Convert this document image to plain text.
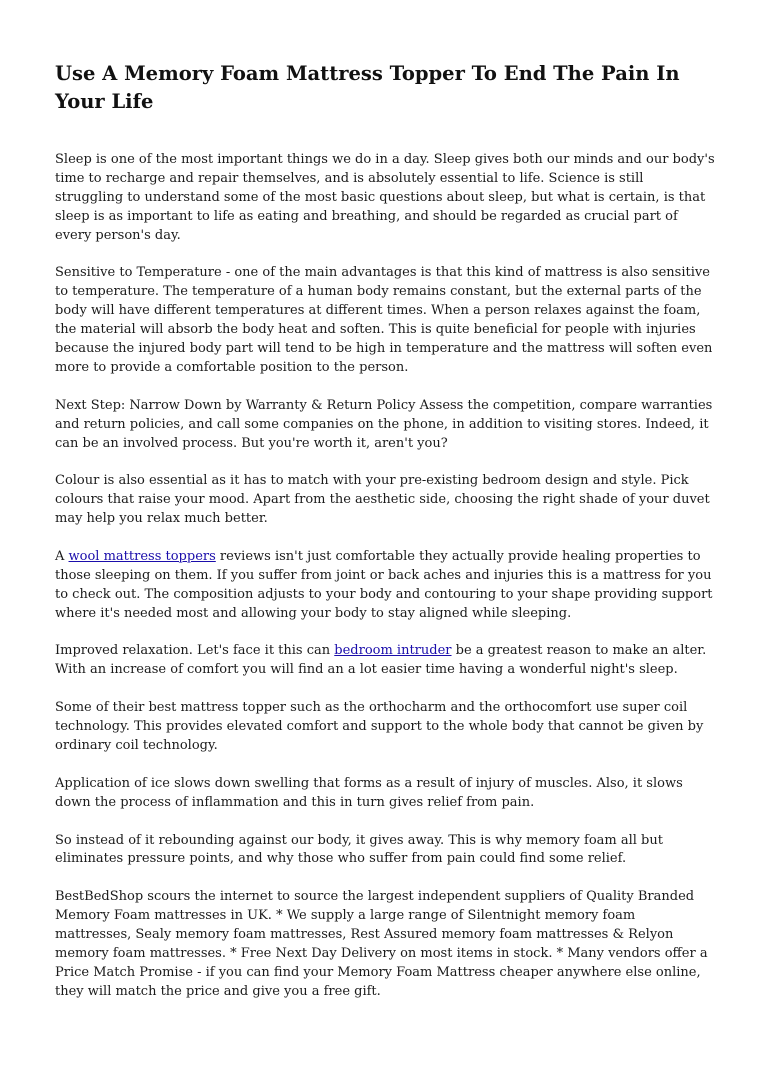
Use A Memory Foam Mattress Topper To End The Pain In Your Life

Sleep is one of the most important things we do in a day. Sleep gives both our minds and our body's time to recharge and repair themselves, and is absolutely essential to life. Science is still struggling to understand some of the most basic questions about sleep, but what is certain, is that sleep is as important to life as eating and breathing, and should be regarded as crucial part of every person's day.

Sensitive to Temperature - one of the main advantages is that this kind of mattress is also sensitive to temperature. The temperature of a human body remains constant, but the external parts of the body will have different temperatures at different times. When a person relaxes against the foam, the material will absorb the body heat and soften. This is quite beneficial for people with injuries because the injured body part will tend to be high in temperature and the mattress will soften even more to provide a comfortable position to the person.

Next Step: Narrow Down by Warranty & Return Policy Assess the competition, compare warranties and return policies, and call some companies on the phone, in addition to visiting stores. Indeed, it can be an involved process. But you're worth it, aren't you?

Colour is also essential as it has to match with your pre-existing bedroom design and style. Pick colours that raise your mood. Apart from the aesthetic side, choosing the right shade of your duvet may help you relax much better.

A wool mattress toppers reviews isn't just comfortable they actually provide healing properties to those sleeping on them. If you suffer from joint or back aches and injuries this is a mattress for you to check out. The composition adjusts to your body and contouring to your shape providing support where it's needed most and allowing your body to stay aligned while sleeping.

Improved relaxation. Let's face it this can bedroom intruder be a greatest reason to make an alter. With an increase of comfort you will find an a lot easier time having a wonderful night's sleep.

Some of their best mattress topper such as the orthocharm and the orthocomfort use super coil technology. This provides elevated comfort and support to the whole body that cannot be given by ordinary coil technology.

Application of ice slows down swelling that forms as a result of injury of muscles. Also, it slows down the process of inflammation and this in turn gives relief from pain.

So instead of it rebounding against our body, it gives away. This is why memory foam all but eliminates pressure points, and why those who suffer from pain could find some relief.

BestBedShop scours the internet to source the largest independent suppliers of Quality Branded Memory Foam mattresses in UK. * We supply a large range of Silentnight memory foam mattresses, Sealy memory foam mattresses, Rest Assured memory foam mattresses & Relyon memory foam mattresses. * Free Next Day Delivery on most items in stock. * Many vendors offer a Price Match Promise - if you can find your Memory Foam Mattress cheaper anywhere else online, they will match the price and give you a free gift.
